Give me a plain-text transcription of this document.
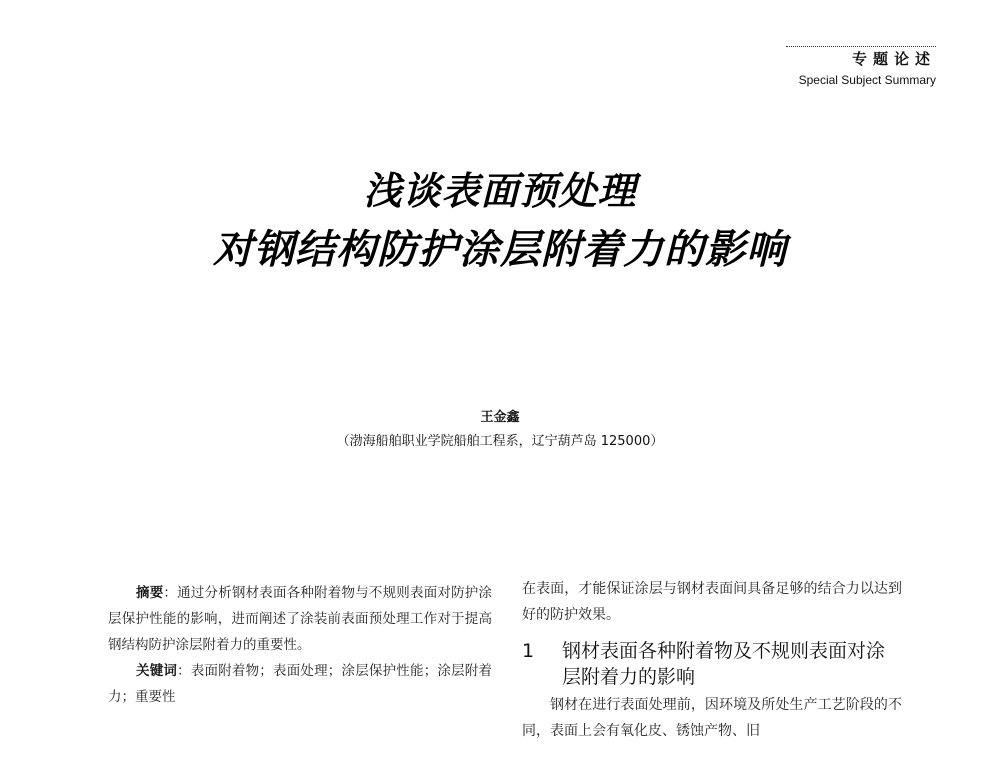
专题论述
Special Subject Summary
浅谈表面预处理
对钢结构防护涂层附着力的影响
王金鑫
（渤海船舶职业学院船舶工程系，辽宁葫芦岛 125000）

摘要：通过分析钢材表面各种附着物与不规则表面对防护涂层保护性能的影响，进而阐述了涂装前表面预处理工作对于提高钢结构防护涂层附着力的重要性。

关键词：表面附着物；表面处理；涂层保护性能；涂层附着力；重要性

在表面，才能保证涂层与钢材表面间具备足够的结合力以达到好的防护效果。

1	钢材表面各种附着物及不规则表面对涂层附着力的影响

钢材在进行表面处理前，因环境及所处生产工艺阶段的不同，表面上会有氧化皮、锈蚀产物、旧
